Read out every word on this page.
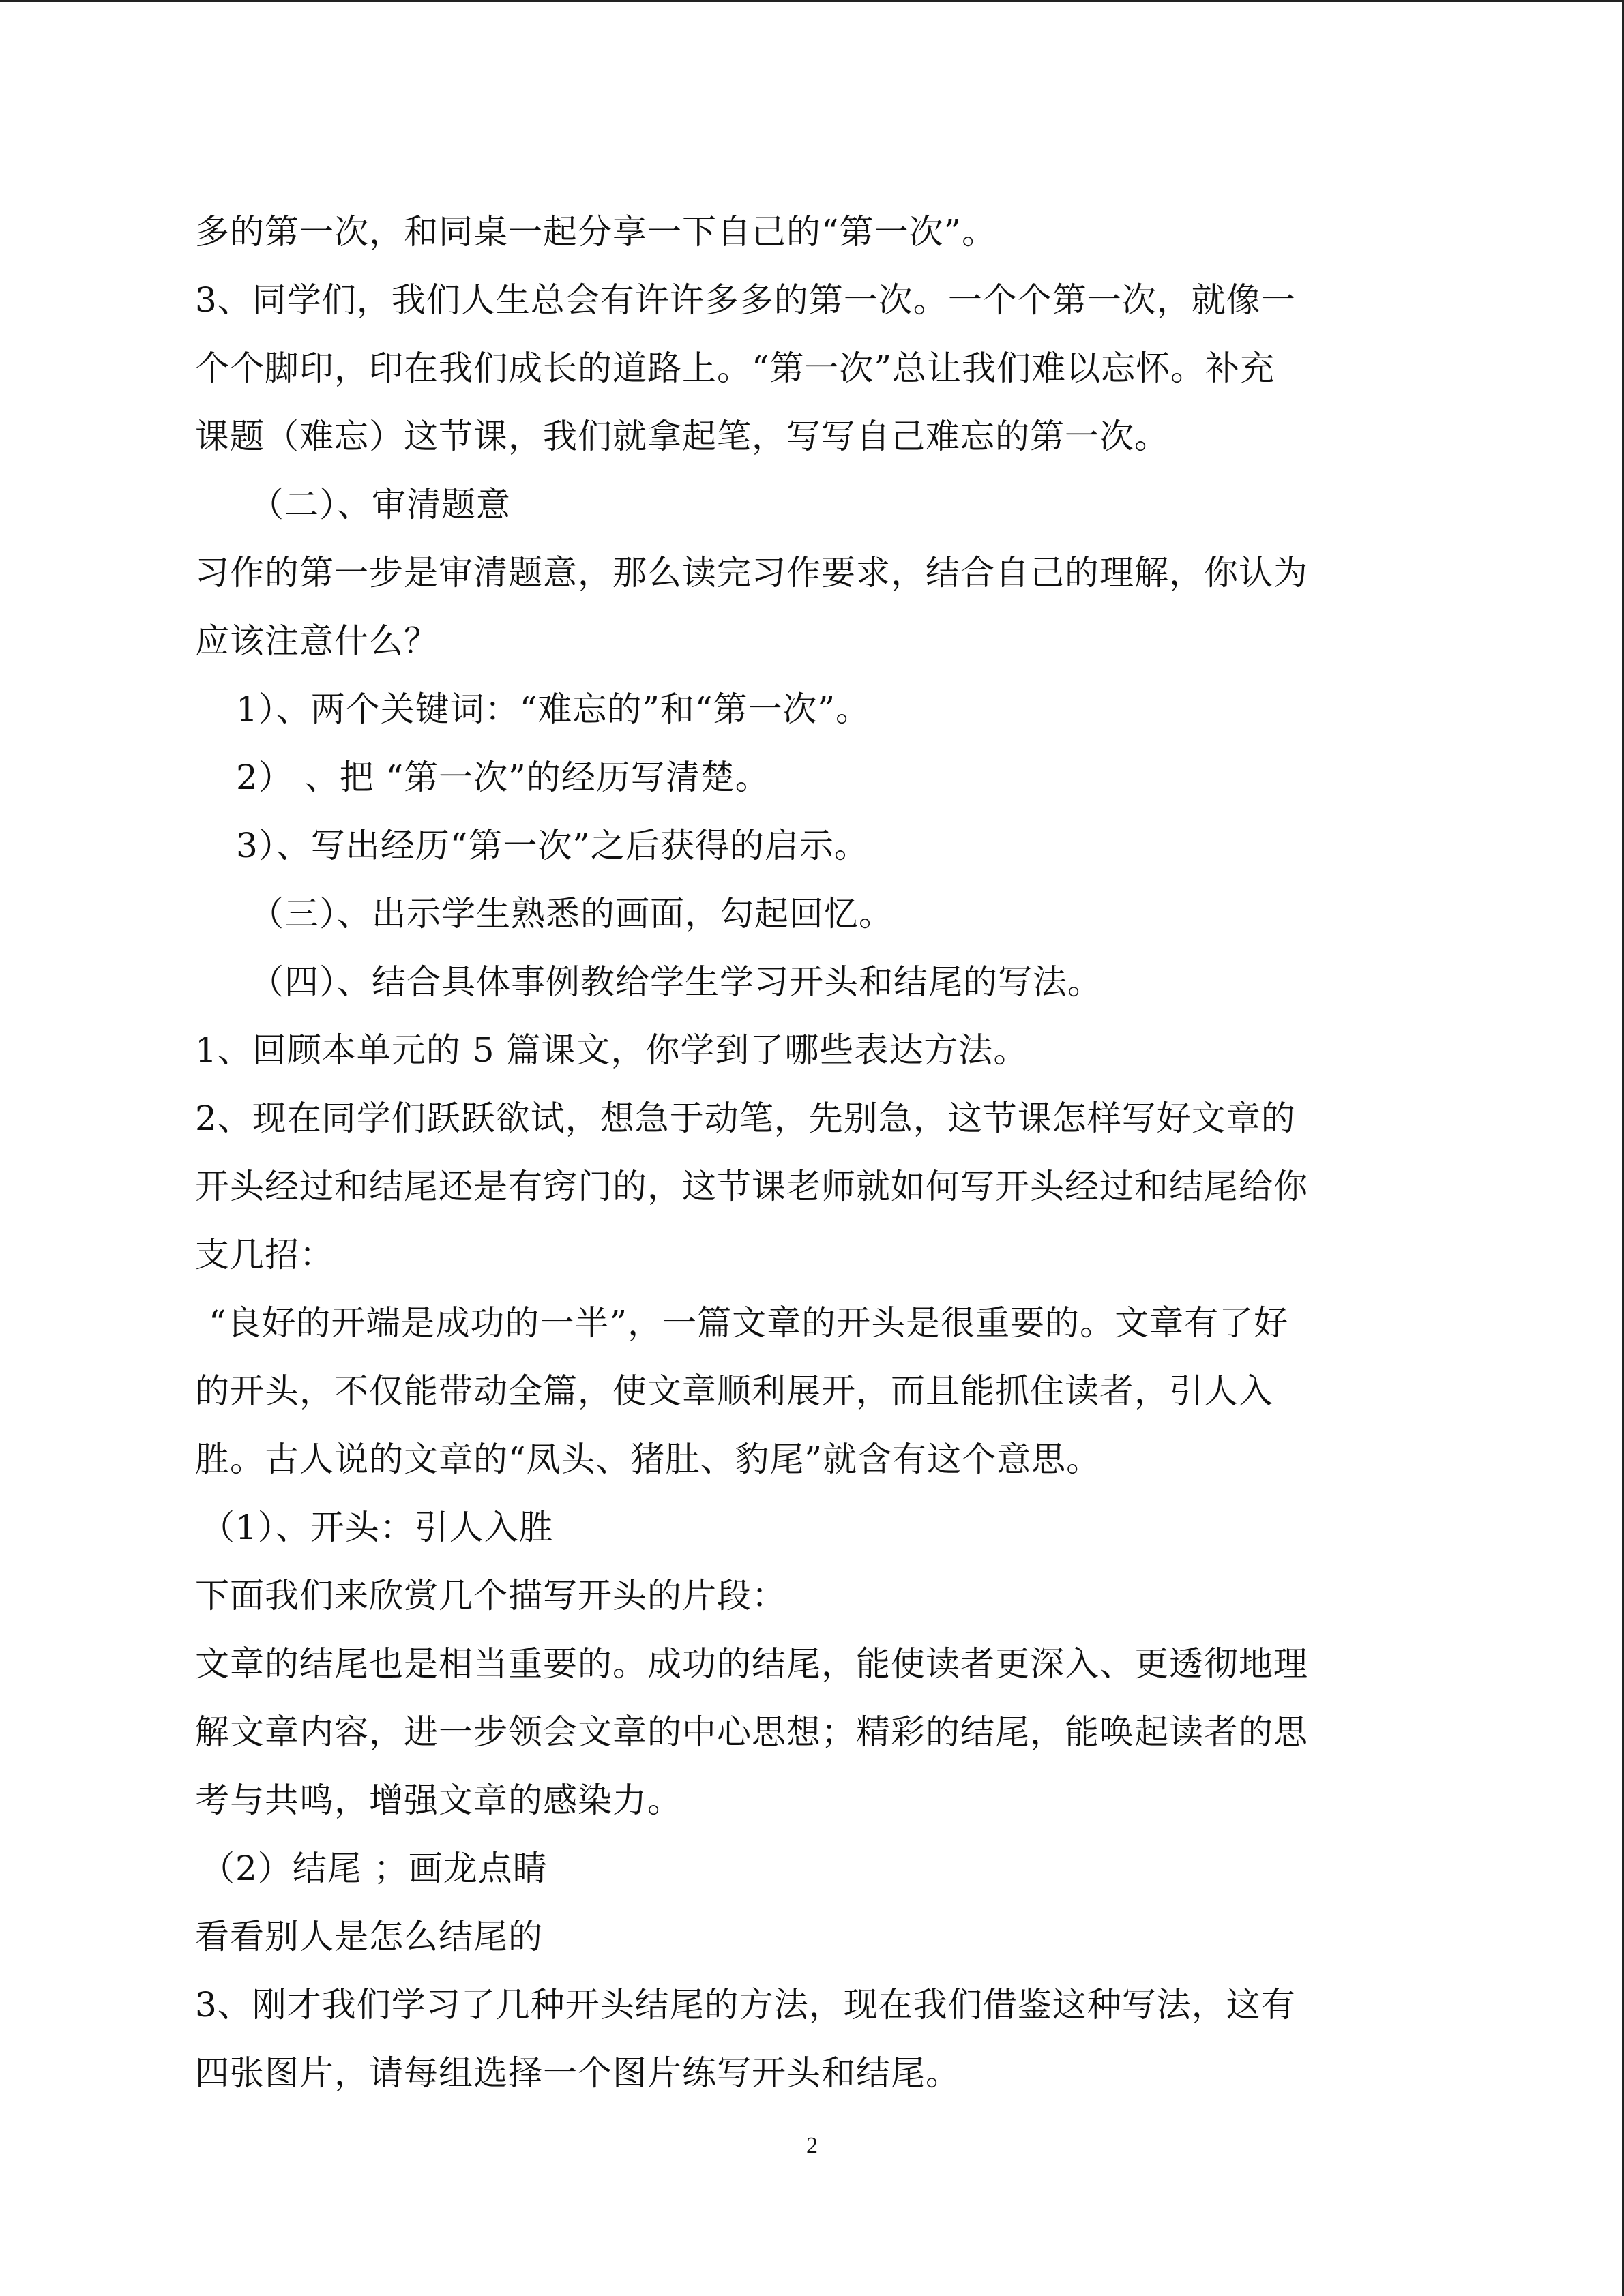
多的第一次，和同桌一起分享一下自己的“第一次”。
3、同学们，我们人生总会有许许多多的第一次。一个个第一次，就像一
个个脚印，印在我们成长的道路上。“第一次”总让我们难以忘怀。补充
课题（难忘）这节课，我们就拿起笔，写写自己难忘的第一次。
（二）、审清题意
习作的第一步是审清题意，那么读完习作要求，结合自己的理解，你认为
应该注意什么？
1）、两个关键词：“难忘的”和“第一次”。
2） 、把 “第一次”的经历写清楚。
3）、写出经历“第一次”之后获得的启示。
（三）、出示学生熟悉的画面，勾起回忆。
（四）、结合具体事例教给学生学习开头和结尾的写法。
1、回顾本单元的 5 篇课文，你学到了哪些表达方法。
2、现在同学们跃跃欲试，想急于动笔，先别急，这节课怎样写好文章的
开头经过和结尾还是有窍门的，这节课老师就如何写开头经过和结尾给你
支几招：
“良好的开端是成功的一半”，一篇文章的开头是很重要的。文章有了好
的开头，不仅能带动全篇，使文章顺利展开，而且能抓住读者，引人入
胜。古人说的文章的“凤头、猪肚、豹尾”就含有这个意思。
（1）、开头：引人入胜
下面我们来欣赏几个描写开头的片段：
文章的结尾也是相当重要的。成功的结尾，能使读者更深入、更透彻地理
解文章内容，进一步领会文章的中心思想；精彩的结尾，能唤起读者的思
考与共鸣，增强文章的感染力。
（2）结尾 ；画龙点睛
看看别人是怎么结尾的
3、刚才我们学习了几种开头结尾的方法，现在我们借鉴这种写法，这有
四张图片，请每组选择一个图片练写开头和结尾。
2
